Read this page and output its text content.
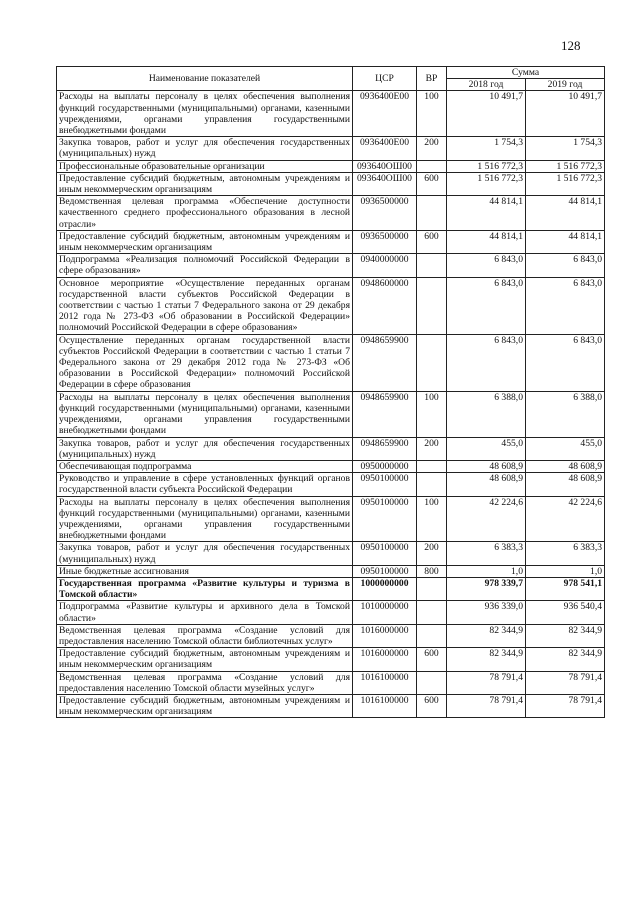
128
Наименование показателей	ЦСР	ВР	Сумма	
			2018 год	2019 год
Расходы на выплаты персоналу в целях обеспечения выполнения функций государственными (муниципальными) органами, казенными учреждениями, органами управления государственными внебюджетными фондами	0936400Е00	100	10 491,7	10 491,7
Закупка товаров, работ и услуг для обеспечения государственных (муниципальных) нужд	0936400Е00	200	1 754,3	1 754,3
Профессиональные образовательные организации	093640ОШ00		1 516 772,3	1 516 772,3
Предоставление субсидий бюджетным, автономным учреждениям и иным некоммерческим организациям	093640ОШ00	600	1 516 772,3	1 516 772,3
Ведомственная целевая программа «Обеспечение доступности качественного среднего профессионального образования в лесной отрасли»	0936500000		44 814,1	44 814,1
Предоставление субсидий бюджетным, автономным учреждениям и иным некоммерческим организациям	0936500000	600	44 814,1	44 814,1
Подпрограмма «Реализация полномочий Российской Федерации в сфере образования»	0940000000		6 843,0	6 843,0
Основное мероприятие «Осуществление переданных органам государственной власти субъектов Российской Федерации в соответствии с частью 1 статьи 7 Федерального закона от 29 декабря 2012 года № 273-ФЗ «Об образовании в Российской Федерации» полномочий Российской Федерации в сфере образования»	0948600000		6 843,0	6 843,0
Осуществление переданных органам государственной власти субъектов Российской Федерации в соответствии с частью 1 статьи 7 Федерального закона от 29 декабря 2012 года № 273-ФЗ «Об образовании в Российской Федерации» полномочий Российской Федерации в сфере образования	0948659900		6 843,0	6 843,0
Расходы на выплаты персоналу в целях обеспечения выполнения функций государственными (муниципальными) органами, казенными учреждениями, органами управления государственными внебюджетными фондами	0948659900	100	6 388,0	6 388,0
Закупка товаров, работ и услуг для обеспечения государственных (муниципальных) нужд	0948659900	200	455,0	455,0
Обеспечивающая подпрограмма	0950000000		48 608,9	48 608,9
Руководство и управление в сфере установленных функций органов государственной власти субъекта Российской Федерации	0950100000		48 608,9	48 608,9
Расходы на выплаты персоналу в целях обеспечения выполнения функций государственными (муниципальными) органами, казенными учреждениями, органами управления государственными внебюджетными фондами	0950100000	100	42 224,6	42 224,6
Закупка товаров, работ и услуг для обеспечения государственных (муниципальных) нужд	0950100000	200	6 383,3	6 383,3
Иные бюджетные ассигнования	0950100000	800	1,0	1,0
Государственная программа «Развитие культуры и туризма в Томской области»	1000000000		978 339,7	978 541,1
Подпрограмма «Развитие культуры и архивного дела в Томской области»	1010000000		936 339,0	936 540,4
Ведомственная целевая программа «Создание условий для предоставления населению Томской области библиотечных услуг»	1016000000		82 344,9	82 344,9
Предоставление субсидий бюджетным, автономным учреждениям и иным некоммерческим организациям	1016000000	600	82 344,9	82 344,9
Ведомственная целевая программа «Создание условий для предоставления населению Томской области музейных услуг»	1016100000		78 791,4	78 791,4
Предоставление субсидий бюджетным, автономным учреждениям и иным некоммерческим организациям	1016100000	600	78 791,4	78 791,4
